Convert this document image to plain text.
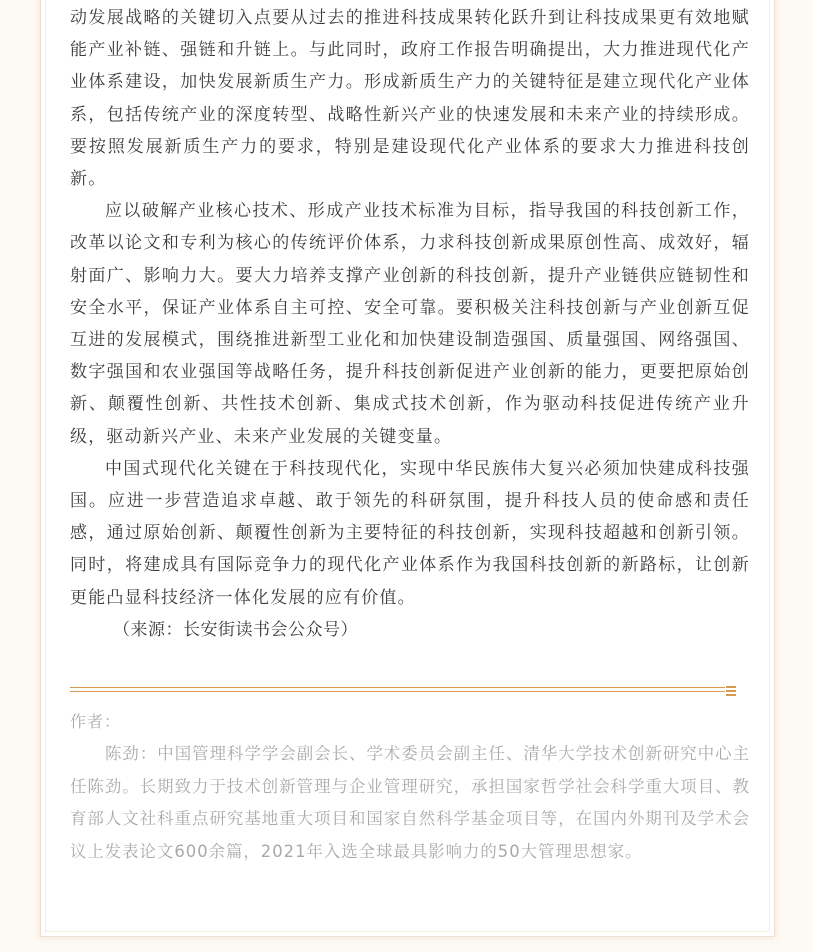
动发展战略的关键切入点要从过去的推进科技成果转化跃升到让科技成果更有效地赋能产业补链、强链和升链上。与此同时，政府工作报告明确提出，大力推进现代化产业体系建设，加快发展新质生产力。形成新质生产力的关键特征是建立现代化产业体系，包括传统产业的深度转型、战略性新兴产业的快速发展和未来产业的持续形成。要按照发展新质生产力的要求，特别是建设现代化产业体系的要求大力推进科技创新。

应以破解产业核心技术、形成产业技术标准为目标，指导我国的科技创新工作，改革以论文和专利为核心的传统评价体系，力求科技创新成果原创性高、成效好，辐射面广、影响力大。要大力培养支撑产业创新的科技创新，提升产业链供应链韧性和安全水平，保证产业体系自主可控、安全可靠。要积极关注科技创新与产业创新互促互进的发展模式，围绕推进新型工业化和加快建设制造强国、质量强国、网络强国、数字强国和农业强国等战略任务，提升科技创新促进产业创新的能力，更要把原始创新、颠覆性创新、共性技术创新、集成式技术创新，作为驱动科技促进传统产业升级，驱动新兴产业、未来产业发展的关键变量。

中国式现代化关键在于科技现代化，实现中华民族伟大复兴必须加快建成科技强国。应进一步营造追求卓越、敢于领先的科研氛围，提升科技人员的使命感和责任感，通过原始创新、颠覆性创新为主要特征的科技创新，实现科技超越和创新引领。同时，将建成具有国际竞争力的现代化产业体系作为我国科技创新的新路标，让创新更能凸显科技经济一体化发展的应有价值。

（来源：长安街读书会公众号）

作者：

陈劲：中国管理科学学会副会长、学术委员会副主任、清华大学技术创新研究中心主任陈劲。长期致力于技术创新管理与企业管理研究，承担国家哲学社会科学重大项目、教育部人文社科重点研究基地重大项目和国家自然科学基金项目等，在国内外期刊及学术会议上发表论文600余篇，2021年入选全球最具影响力的50大管理思想家。
